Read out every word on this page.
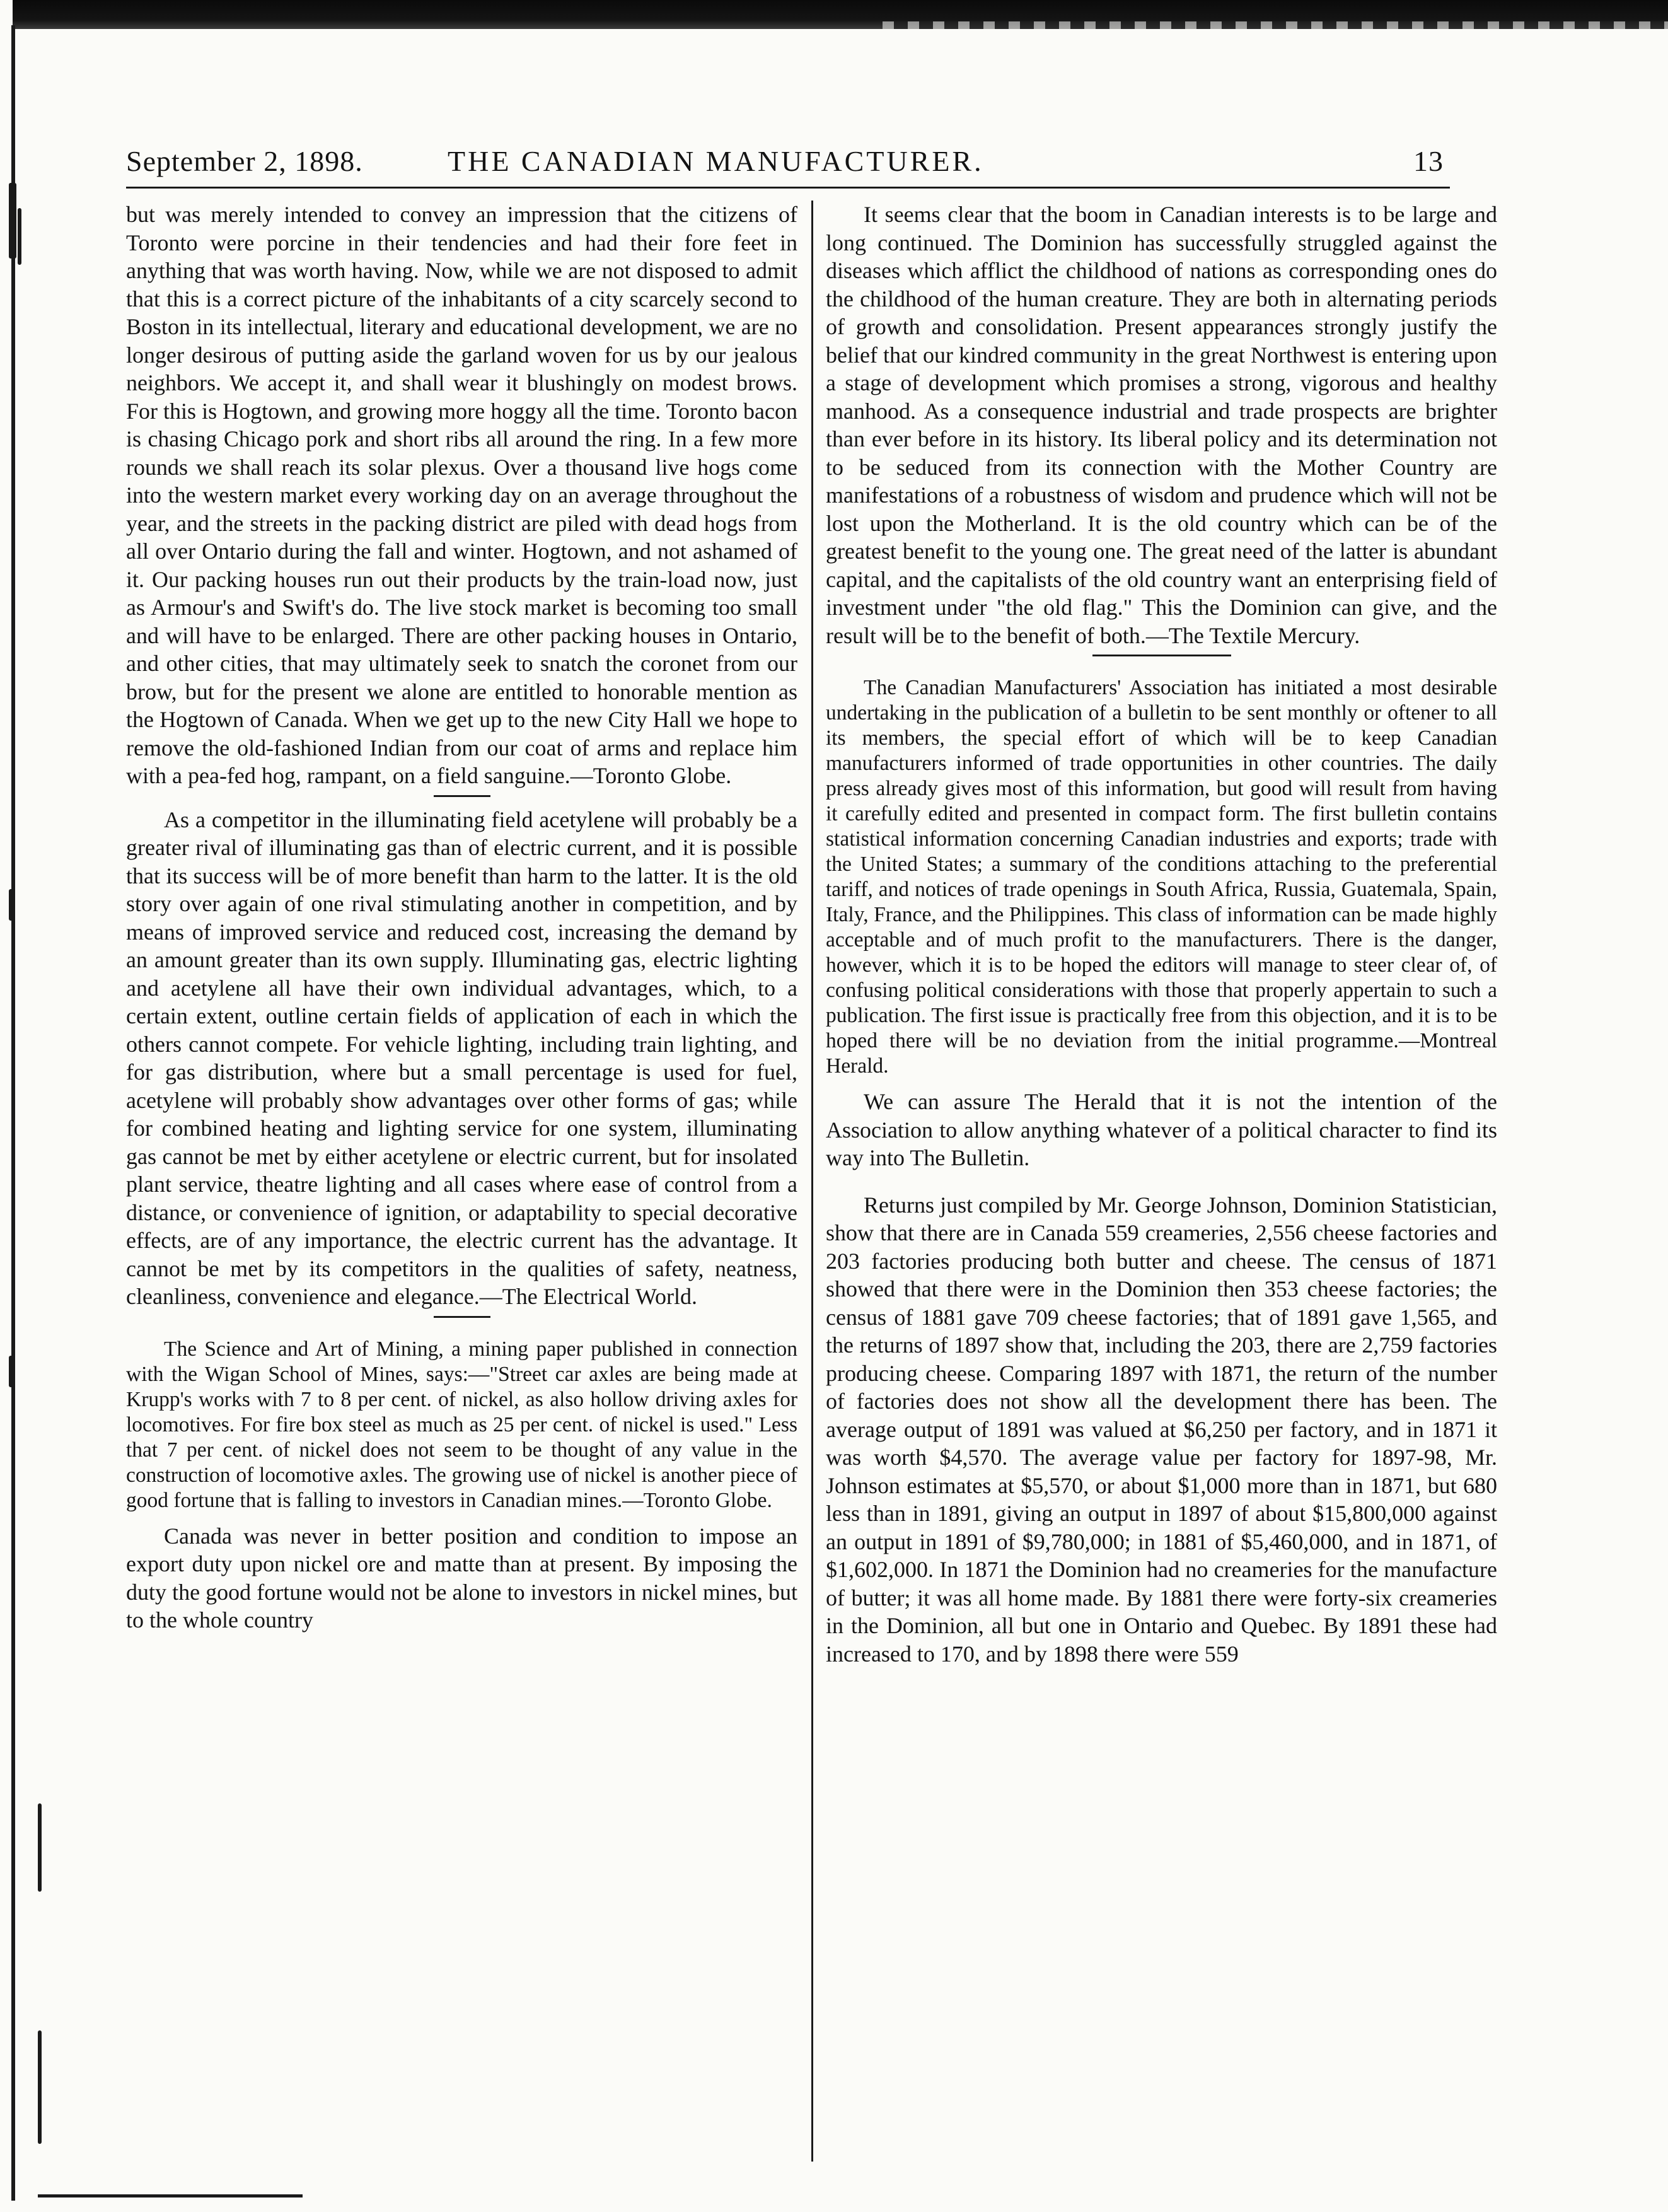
September 2, 1898.	THE CANADIAN MANUFACTURER.	13

but was merely intended to convey an impression that the citizens of Toronto were porcine in their tendencies and had their fore feet in anything that was worth having. Now, while we are not disposed to admit that this is a correct picture of the inhabitants of a city scarcely second to Boston in its intellectual, literary and educational development, we are no longer desirous of putting aside the garland woven for us by our jealous neighbors. We accept it, and shall wear it blushingly on modest brows. For this is Hogtown, and growing more hoggy all the time. Toronto bacon is chasing Chicago pork and short ribs all around the ring. In a few more rounds we shall reach its solar plexus. Over a thousand live hogs come into the western market every working day on an average throughout the year, and the streets in the packing district are piled with dead hogs from all over Ontario during the fall and winter. Hogtown, and not ashamed of it. Our packing houses run out their products by the train-load now, just as Armour's and Swift's do. The live stock market is becoming too small and will have to be enlarged. There are other packing houses in Ontario, and other cities, that may ultimately seek to snatch the coronet from our brow, but for the present we alone are entitled to honorable mention as the Hogtown of Canada. When we get up to the new City Hall we hope to remove the old-fashioned Indian from our coat of arms and replace him with a pea-fed hog, rampant, on a field sanguine.—Toronto Globe.

As a competitor in the illuminating field acetylene will probably be a greater rival of illuminating gas than of electric current, and it is possible that its success will be of more benefit than harm to the latter. It is the old story over again of one rival stimulating another in competition, and by means of improved service and reduced cost, increasing the demand by an amount greater than its own supply. Illuminating gas, electric lighting and acetylene all have their own individual advantages, which, to a certain extent, outline certain fields of application of each in which the others cannot compete. For vehicle lighting, including train lighting, and for gas distribution, where but a small percentage is used for fuel, acetylene will probably show advantages over other forms of gas; while for combined heating and lighting service for one system, illuminating gas cannot be met by either acetylene or electric current, but for insolated plant service, theatre lighting and all cases where ease of control from a distance, or convenience of ignition, or adaptability to special decorative effects, are of any importance, the electric current has the advantage. It cannot be met by its competitors in the qualities of safety, neatness, cleanliness, convenience and elegance.—The Electrical World.

The Science and Art of Mining, a mining paper published in connection with the Wigan School of Mines, says:—"Street car axles are being made at Krupp's works with 7 to 8 per cent. of nickel, as also hollow driving axles for locomotives. For fire box steel as much as 25 per cent. of nickel is used." Less that 7 per cent. of nickel does not seem to be thought of any value in the construction of locomotive axles. The growing use of nickel is another piece of good fortune that is falling to investors in Canadian mines.—Toronto Globe.

Canada was never in better position and condition to impose an export duty upon nickel ore and matte than at present. By imposing the duty the good fortune would not be alone to investors in nickel mines, but to the whole country

It seems clear that the boom in Canadian interests is to be large and long continued. The Dominion has successfully struggled against the diseases which afflict the childhood of nations as corresponding ones do the childhood of the human creature. They are both in alternating periods of growth and consolidation. Present appearances strongly justify the belief that our kindred community in the great Northwest is entering upon a stage of development which promises a strong, vigorous and healthy manhood. As a consequence industrial and trade prospects are brighter than ever before in its history. Its liberal policy and its determination not to be seduced from its connection with the Mother Country are manifestations of a robustness of wisdom and prudence which will not be lost upon the Motherland. It is the old country which can be of the greatest benefit to the young one. The great need of the latter is abundant capital, and the capitalists of the old country want an enterprising field of investment under "the old flag." This the Dominion can give, and the result will be to the benefit of both.—The Textile Mercury.

The Canadian Manufacturers' Association has initiated a most desirable undertaking in the publication of a bulletin to be sent monthly or oftener to all its members, the special effort of which will be to keep Canadian manufacturers informed of trade opportunities in other countries. The daily press already gives most of this information, but good will result from having it carefully edited and presented in compact form. The first bulletin contains statistical information concerning Canadian industries and exports; trade with the United States; a summary of the conditions attaching to the preferential tariff, and notices of trade openings in South Africa, Russia, Guatemala, Spain, Italy, France, and the Philippines. This class of information can be made highly acceptable and of much profit to the manufacturers. There is the danger, however, which it is to be hoped the editors will manage to steer clear of, of confusing political considerations with those that properly appertain to such a publication. The first issue is practically free from this objection, and it is to be hoped there will be no deviation from the initial programme.—Montreal Herald.

We can assure The Herald that it is not the intention of the Association to allow anything whatever of a political character to find its way into The Bulletin.

Returns just compiled by Mr. George Johnson, Dominion Statistician, show that there are in Canada 559 creameries, 2,556 cheese factories and 203 factories producing both butter and cheese. The census of 1871 showed that there were in the Dominion then 353 cheese factories; the census of 1881 gave 709 cheese factories; that of 1891 gave 1,565, and the returns of 1897 show that, including the 203, there are 2,759 factories producing cheese. Comparing 1897 with 1871, the return of the number of factories does not show all the development there has been. The average output of 1891 was valued at $6,250 per factory, and in 1871 it was worth $4,570. The average value per factory for 1897-98, Mr. Johnson estimates at $5,570, or about $1,000 more than in 1871, but 680 less than in 1891, giving an output in 1897 of about $15,800,000 against an output in 1891 of $9,780,000; in 1881 of $5,460,000, and in 1871, of $1,602,000. In 1871 the Dominion had no creameries for the manufacture of butter; it was all home made. By 1881 there were forty-six creameries in the Dominion, all but one in Ontario and Quebec. By 1891 these had increased to 170, and by 1898 there were 559
